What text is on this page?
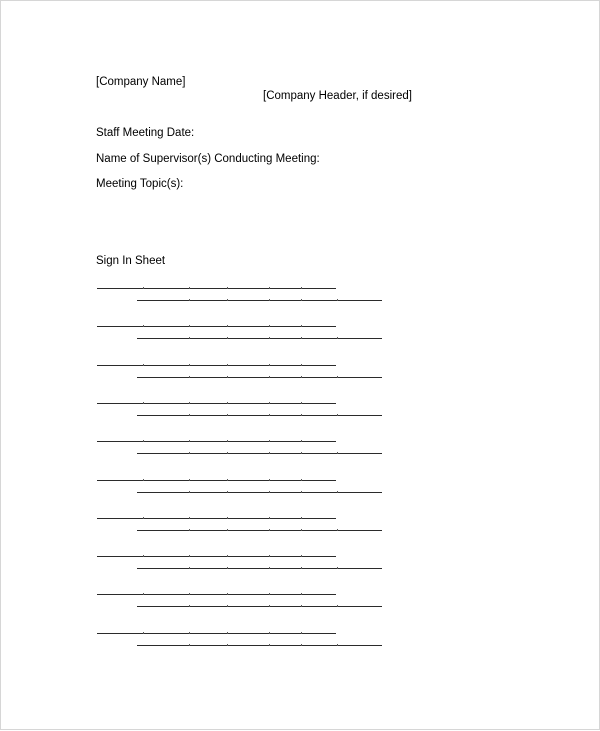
[Company Name]
[Company Header, if desired]
Staff Meeting Date:
Name of Supervisor(s) Conducting Meeting:
Meeting Topic(s):
Sign In Sheet
